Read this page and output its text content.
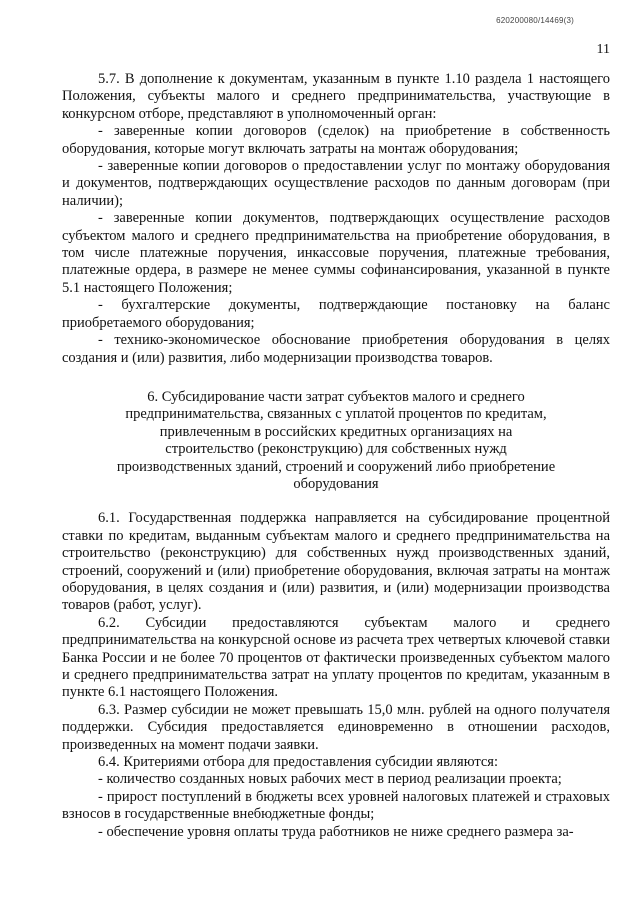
620200080/14469(3)
11

5.7. В дополнение к документам, указанным в пункте 1.10 раздела 1 настоящего Положения, субъекты малого и среднего предпринимательства, участвующие в конкурсном отборе, представляют в уполномоченный орган:

- заверенные копии договоров (сделок) на приобретение в собственность оборудования, которые могут включать затраты на монтаж оборудования;

- заверенные копии договоров о предоставлении услуг по монтажу оборудования и документов, подтверждающих осуществление расходов по данным договорам (при наличии);

- заверенные копии документов, подтверждающих осуществление расходов субъектом малого и среднего предпринимательства на приобретение оборудования, в том числе платежные поручения, инкассовые поручения, платежные требования, платежные ордера, в размере не менее суммы софинансирования, указанной в пункте 5.1 настоящего Положения;

- бухгалтерские документы, подтверждающие постановку на баланс приобретаемого оборудования;

- технико-экономическое обоснование приобретения оборудования в целях создания и (или) развития, либо модернизации производства товаров.

6. Субсидирование части затрат субъектов малого и среднего предпринимательства, связанных с уплатой процентов по кредитам, привлеченным в российских кредитных организациях на строительство (реконструкцию) для собственных нужд производственных зданий, строений и сооружений либо приобретение оборудования

6.1. Государственная поддержка направляется на субсидирование процентной ставки по кредитам, выданным субъектам малого и среднего предпринимательства на строительство (реконструкцию) для собственных нужд производственных зданий, строений, сооружений и (или) приобретение оборудования, включая затраты на монтаж оборудования, в целях создания и (или) развития, и (или) модернизации производства товаров (работ, услуг).

6.2. Субсидии предоставляются субъектам малого и среднего предпринимательства на конкурсной основе из расчета трех четвертых ключевой ставки Банка России и не более 70 процентов от фактически произведенных субъектом малого и среднего предпринимательства затрат на уплату процентов по кредитам, указанным в пункте 6.1 настоящего Положения.

6.3. Размер субсидии не может превышать 15,0 млн. рублей на одного получателя поддержки. Субсидия предоставляется единовременно в отношении расходов, произведенных на момент подачи заявки.

6.4. Критериями отбора для предоставления субсидии являются:

- количество созданных новых рабочих мест в период реализации проекта;

- прирост поступлений в бюджеты всех уровней налоговых платежей и страховых взносов в государственные внебюджетные фонды;

- обеспечение уровня оплаты труда работников не ниже среднего размера за-
